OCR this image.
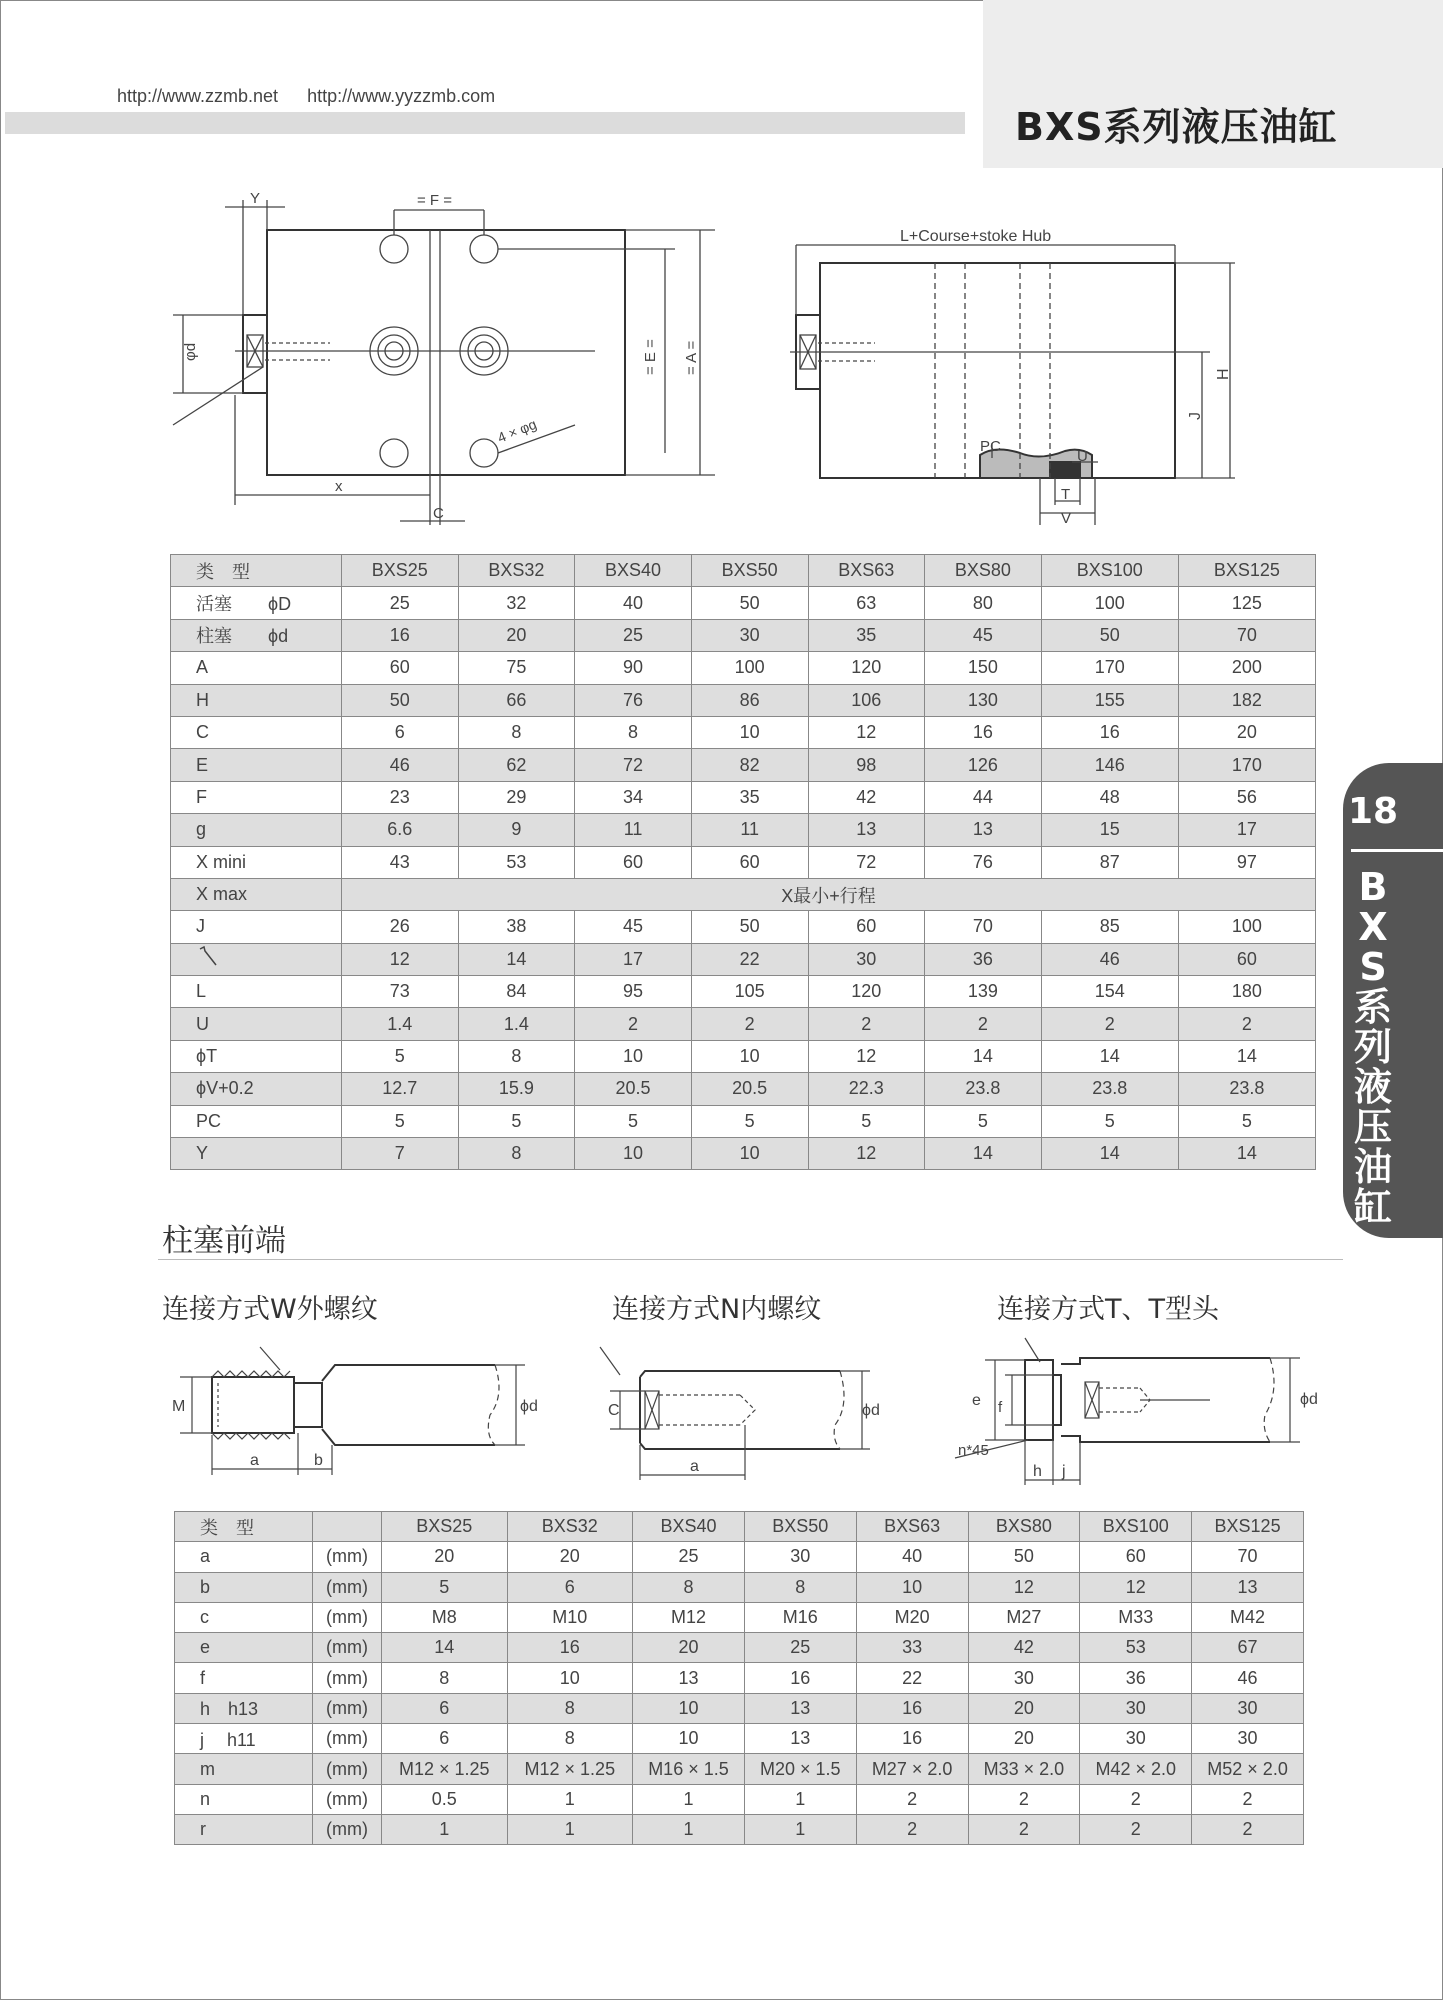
http://www.zzmb.net http://www.yyzzmb.com
BXS系列液压油缸
18
B
X
S
系
列
液
压
油
缸
φd
Y	= F =
= E = = A =
x
C
4 × φg
L+Course+stoke Hub
H
J
PC
U
T
V
类　型	BXS25	BXS32	BXS40	BXS50	BXS63	BXS80	BXS100	BXS125
活塞　　ϕD	25	32	40	50	63	80	100	125
柱塞　　ϕd	16	20	25	30	35	45	50	70
A	60	75	90	100	120	150	170	200
H	50	66	76	86	106	130	155	182
C	6	8	8	10	12	16	16	20
E	46	62	72	82	98	126	146	170
F	23	29	34	35	42	44	48	56
g	6.6	9	11	11	13	13	15	17
X mini	43	53	60	60	72	76	87	97
X max	X最小+行程							
J	26	38	45	50	60	70	85	100
	12	14	17	22	30	36	46	60
L	73	84	95	105	120	139	154	180
U	1.4	1.4	2	2	2	2	2	2
ϕT	5	8	10	10	12	14	14	14
ϕV+0.2	12.7	15.9	20.5	20.5	22.3	23.8	23.8	23.8
PC	5	5	5	5	5	5	5	5
Y	7	8	10	10	12	14	14	14
柱塞前端
连接方式W外螺纹	连接方式N内螺纹	连接方式T、T型头
M
a	b
ϕd	C
a
ϕd
e f
n*45
h j
ϕd
类　型		BXS25	BXS32	BXS40	BXS50	BXS63	BXS80	BXS100	BXS125
a	(mm)	20	20	25	30	40	50	60	70
b	(mm)	5	6	8	8	10	12	12	13
c	(mm)	M8	M10	M12	M16	M20	M27	M33	M42
e	(mm)	14	16	20	25	33	42	53	67
f	(mm)	8	10	13	16	22	30	36	46
h　h13	(mm)	6	8	10	13	16	20	30	30
j　 h11	(mm)	6	8	10	13	16	20	30	30
m	(mm)	M12 × 1.25	M12 × 1.25	M16 × 1.5	M20 × 1.5	M27 × 2.0	M33 × 2.0	M42 × 2.0	M52 × 2.0
n	(mm)	0.5	1	1	1	2	2	2	2
r	(mm)	1	1	1	1	2	2	2	2
